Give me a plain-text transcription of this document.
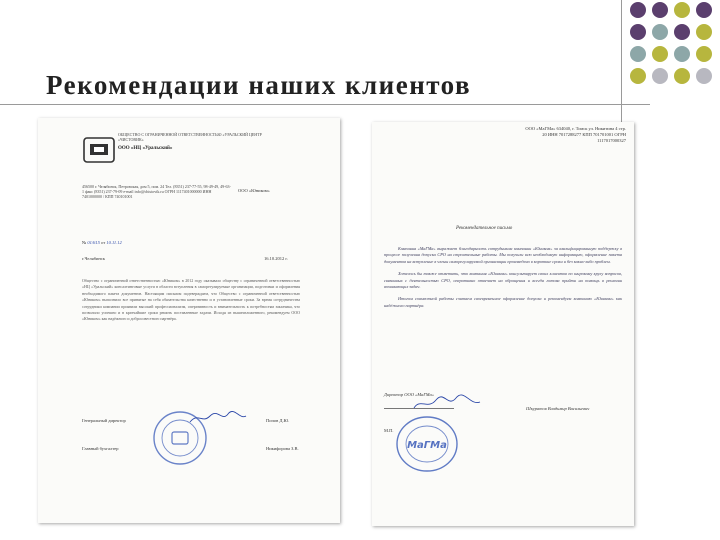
Рекомендации наших клиентов
ОБЩЕСТВО С ОГРАНИЧЕННОЙ ОТВЕТСТВЕННОСТЬЮ «УРАЛЬСКИЙ ЦЕНТР «ЧИСТОВИК»
ООО «НЦ «Уральский»
456500 г. Челябинск, Петровская, дом 5, пом. 24 Тел. (8351) 237-77-55, 98-49-49, 49-63-1 факс (8351) 237-79-09 e-mail info@chistovik.ru ОГРН 1117401000000 ИНН 7401000000 / КПП 740101001
ООО «Юником»
№ 01/615 от 10.11.12
г.Челябинск	16.10.2012 г.
Общество с ограниченной ответственностью «Юником» в 2012 году оказывало обществу с ограниченной ответственностью «НЦ «Уральский» консалтинговые услуги в области вступления в саморегулируемые организации, подготовки и оформления необходимого пакета документов. Настоящим письмом подтверждаем, что Общество с ограниченной ответственностью «Юником» выполнило все принятые на себя обязательства качественно и в установленные сроки. За время сотрудничества сотрудники компании проявили высокий профессионализм, оперативность и внимательность к потребностям заказчика, что позволило успешно и в кратчайшие сроки решить поставленные задачи. Исходя из вышеизложенного, рекомендуем ООО «Юником» как надёжного и добросовестного партнёра.
Генеральный директор	Попов Д.Ю.
Главный бухгалтер	Никифорова З.В.
ООО «МаГМа» 634040, г. Томск ул. Никитина 4 стр. 20 ИНН 7017288277 КПП 701701001 ОГРН 1117017000327
Рекомендательное письмо

Компания «МаГМа» выражает благодарность сотрудникам компании «Юником» за квалифицированную поддержку в процессе получения допуска СРО на строительные работы. Мы получили всю необходимую информацию, оформление пакета документов на вступление в члены саморегулируемой организации произведено в короткие сроки и без каких-либо проблем.

Хотелось бы также отметить, что компания «Юником» консультирует своих клиентов по широкому кругу вопросов, связанных с деятельностью СРО, оперативно отвечает на обращения и всегда готова прийти на помощь в решении возникающих задач.

Итогом совместной работы считаем своевременное оформление допуска и рекомендуем компанию «Юником» как надёжного партнёра.

Директор ООО «МаГМа»
Шкуратов Владимир Васильевич
М.П.
МаГМа
